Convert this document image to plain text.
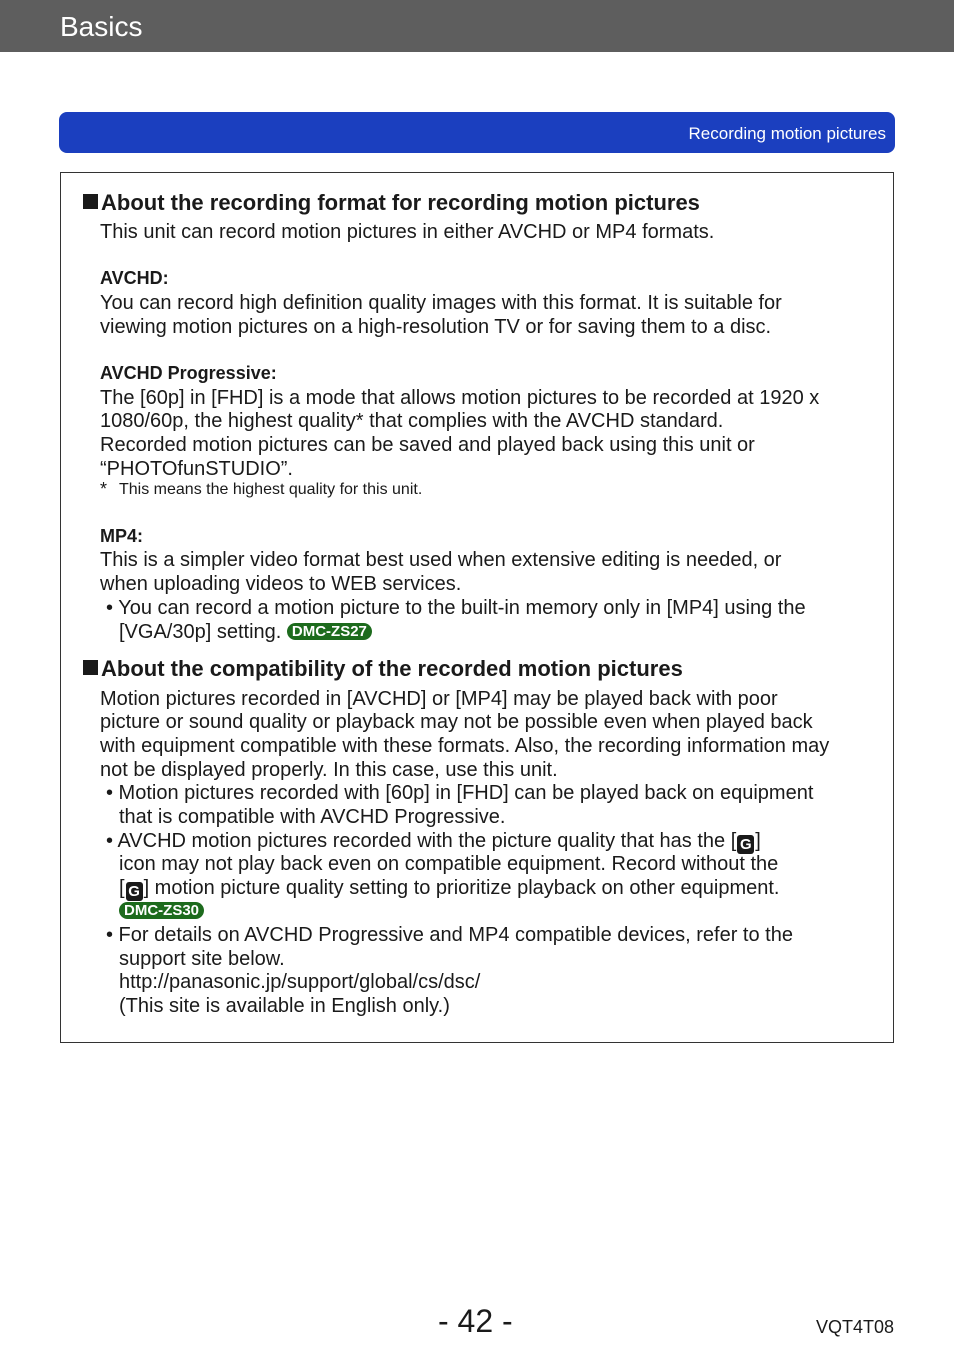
Basics
Recording motion pictures
About the recording format for recording motion pictures
This unit can record motion pictures in either AVCHD or MP4 formats.
AVCHD:
You can record high definition quality images with this format. It is suitable for
viewing motion pictures on a high-resolution TV or for saving them to a disc.
AVCHD Progressive:
The [60p] in [FHD] is a mode that allows motion pictures to be recorded at 1920 x
1080/60p, the highest quality* that complies with the AVCHD standard.
Recorded motion pictures can be saved and played back using this unit or
“PHOTOfunSTUDIO”.
* This means the highest quality for this unit.
MP4:
This is a simpler video format best used when extensive editing is needed, or
when uploading videos to WEB services.
• You can record a motion picture to the built-in memory only in [MP4] using the
[VGA/30p] setting. DMC-ZS27
About the compatibility of the recorded motion pictures
Motion pictures recorded in [AVCHD] or [MP4] may be played back with poor
picture or sound quality or playback may not be possible even when played back
with equipment compatible with these formats. Also, the recording information may
not be displayed properly. In this case, use this unit.
• Motion pictures recorded with [60p] in [FHD] can be played back on equipment
that is compatible with AVCHD Progressive.
• AVCHD motion pictures recorded with the picture quality that has the [ G ]
icon may not play back even on compatible equipment. Record without the
[ G ] motion picture quality setting to prioritize playback on other equipment.
DMC-ZS30
• For details on AVCHD Progressive and MP4 compatible devices, refer to the
support site below.
http://panasonic.jp/support/global/cs/dsc/
(This site is available in English only.)
- 42 -	VQT4T08
